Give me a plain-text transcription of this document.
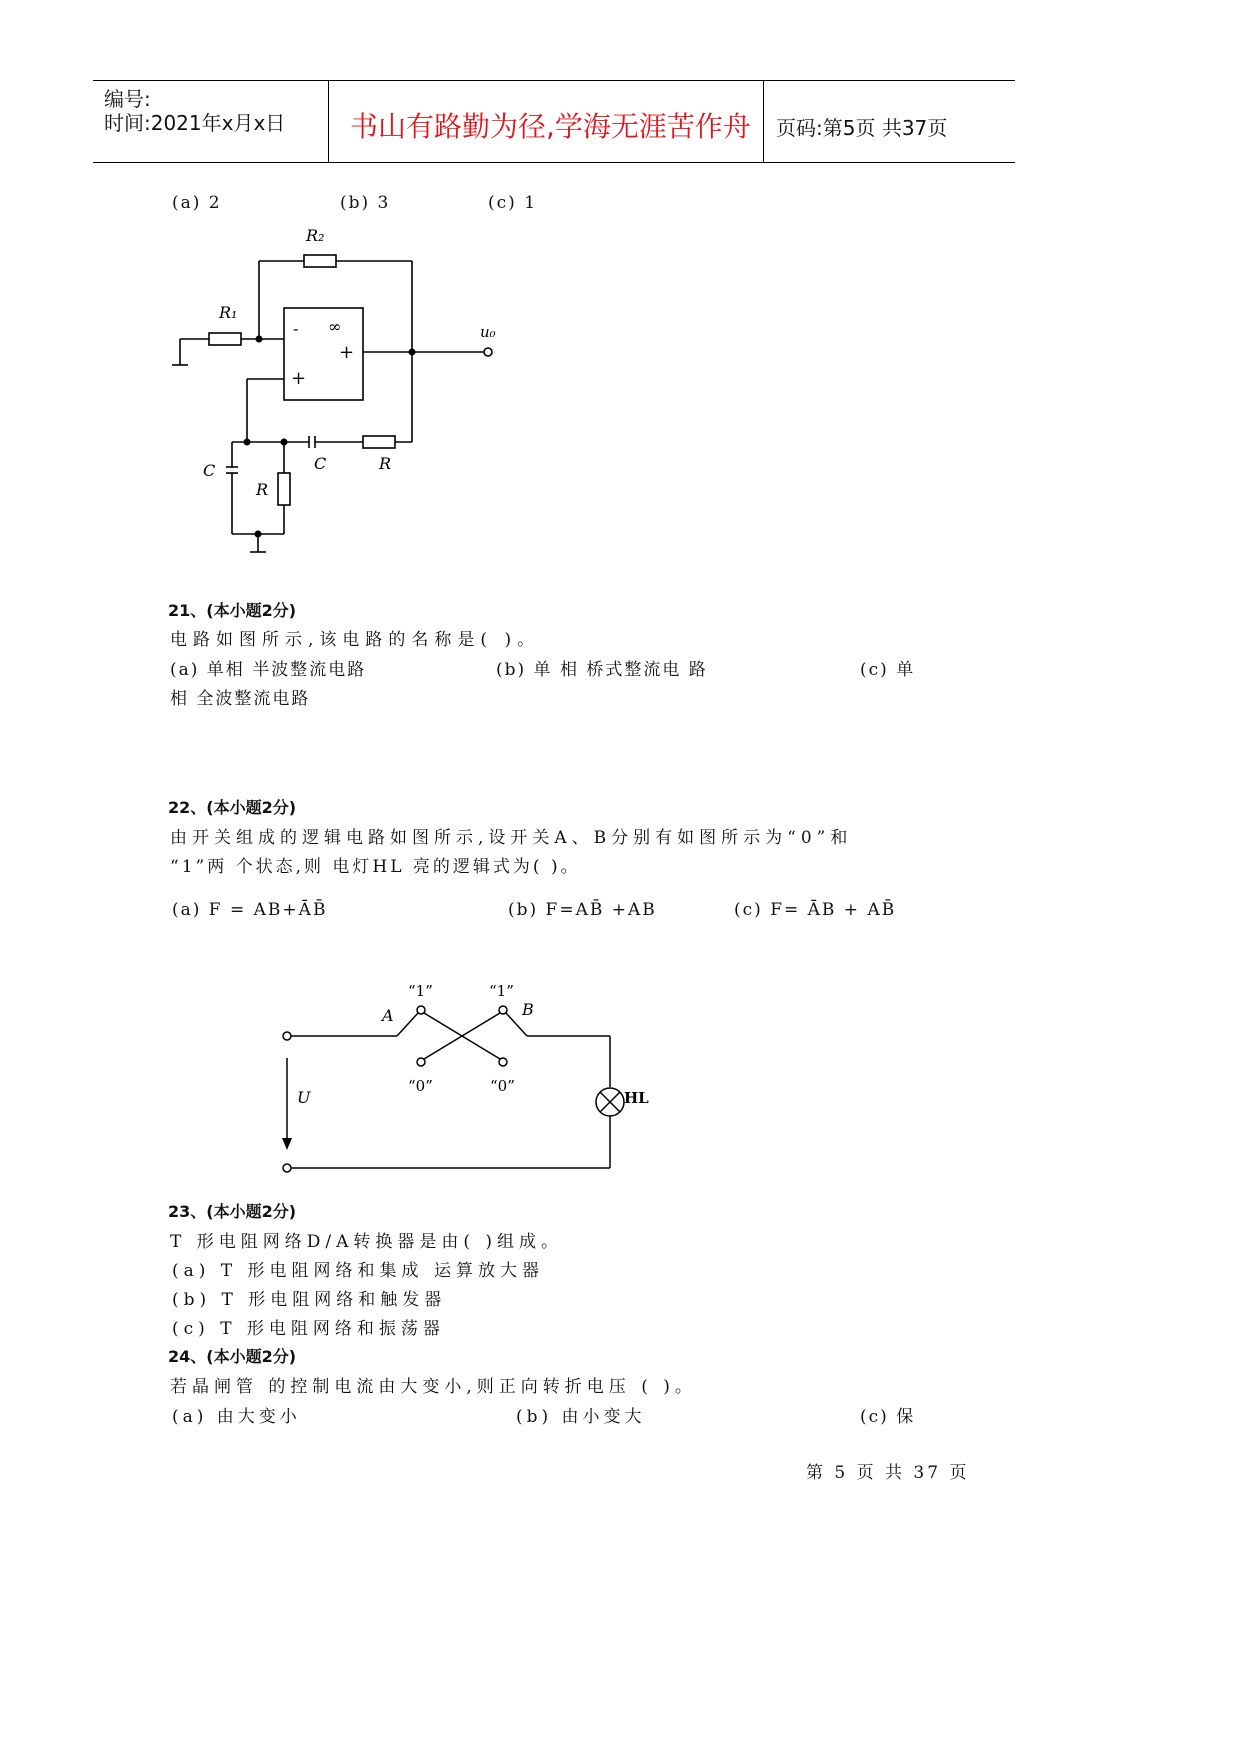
编号:
时间:2021年x月x日 书山有路勤为径,学海无涯苦作舟 页码:第5页 共37页
(a) 2	(b) 3	(c) 1
R₂
R₁
- ∞
+
+
u₀
C
R
C	R
21、(本小题2分)
电路如图所示,该电路的名称是( )。
(a) 单相 半波整流电路	(b) 单 相 桥式整流电 路	(c) 单
相 全波整流电路
22、(本小题2分)
由开关组成的逻辑电路如图所示,设开关A、B分别有如图所示为“0”和
“1”两 个状态,则 电灯HL 亮的逻辑式为( )。
(a) F = AB+ĀB̄	(b) F=AB̄ +AB	(c) F= ĀB + AB̄
“1”	“1”
“0”	“0”
A	B
U	HL
23、(本小题2分)
T 形电阻网络D/A转换器是由( )组成。
(a) T 形电阻网络和集成 运算放大器
(b) T 形电阻网络和触发器
(c) T 形电阻网络和振荡器
24、(本小题2分)
若晶闸管 的控制电流由大变小,则正向转折电压 ( )。
(a) 由大变小	(b) 由小变大	(c) 保
第 5 页 共 37 页
